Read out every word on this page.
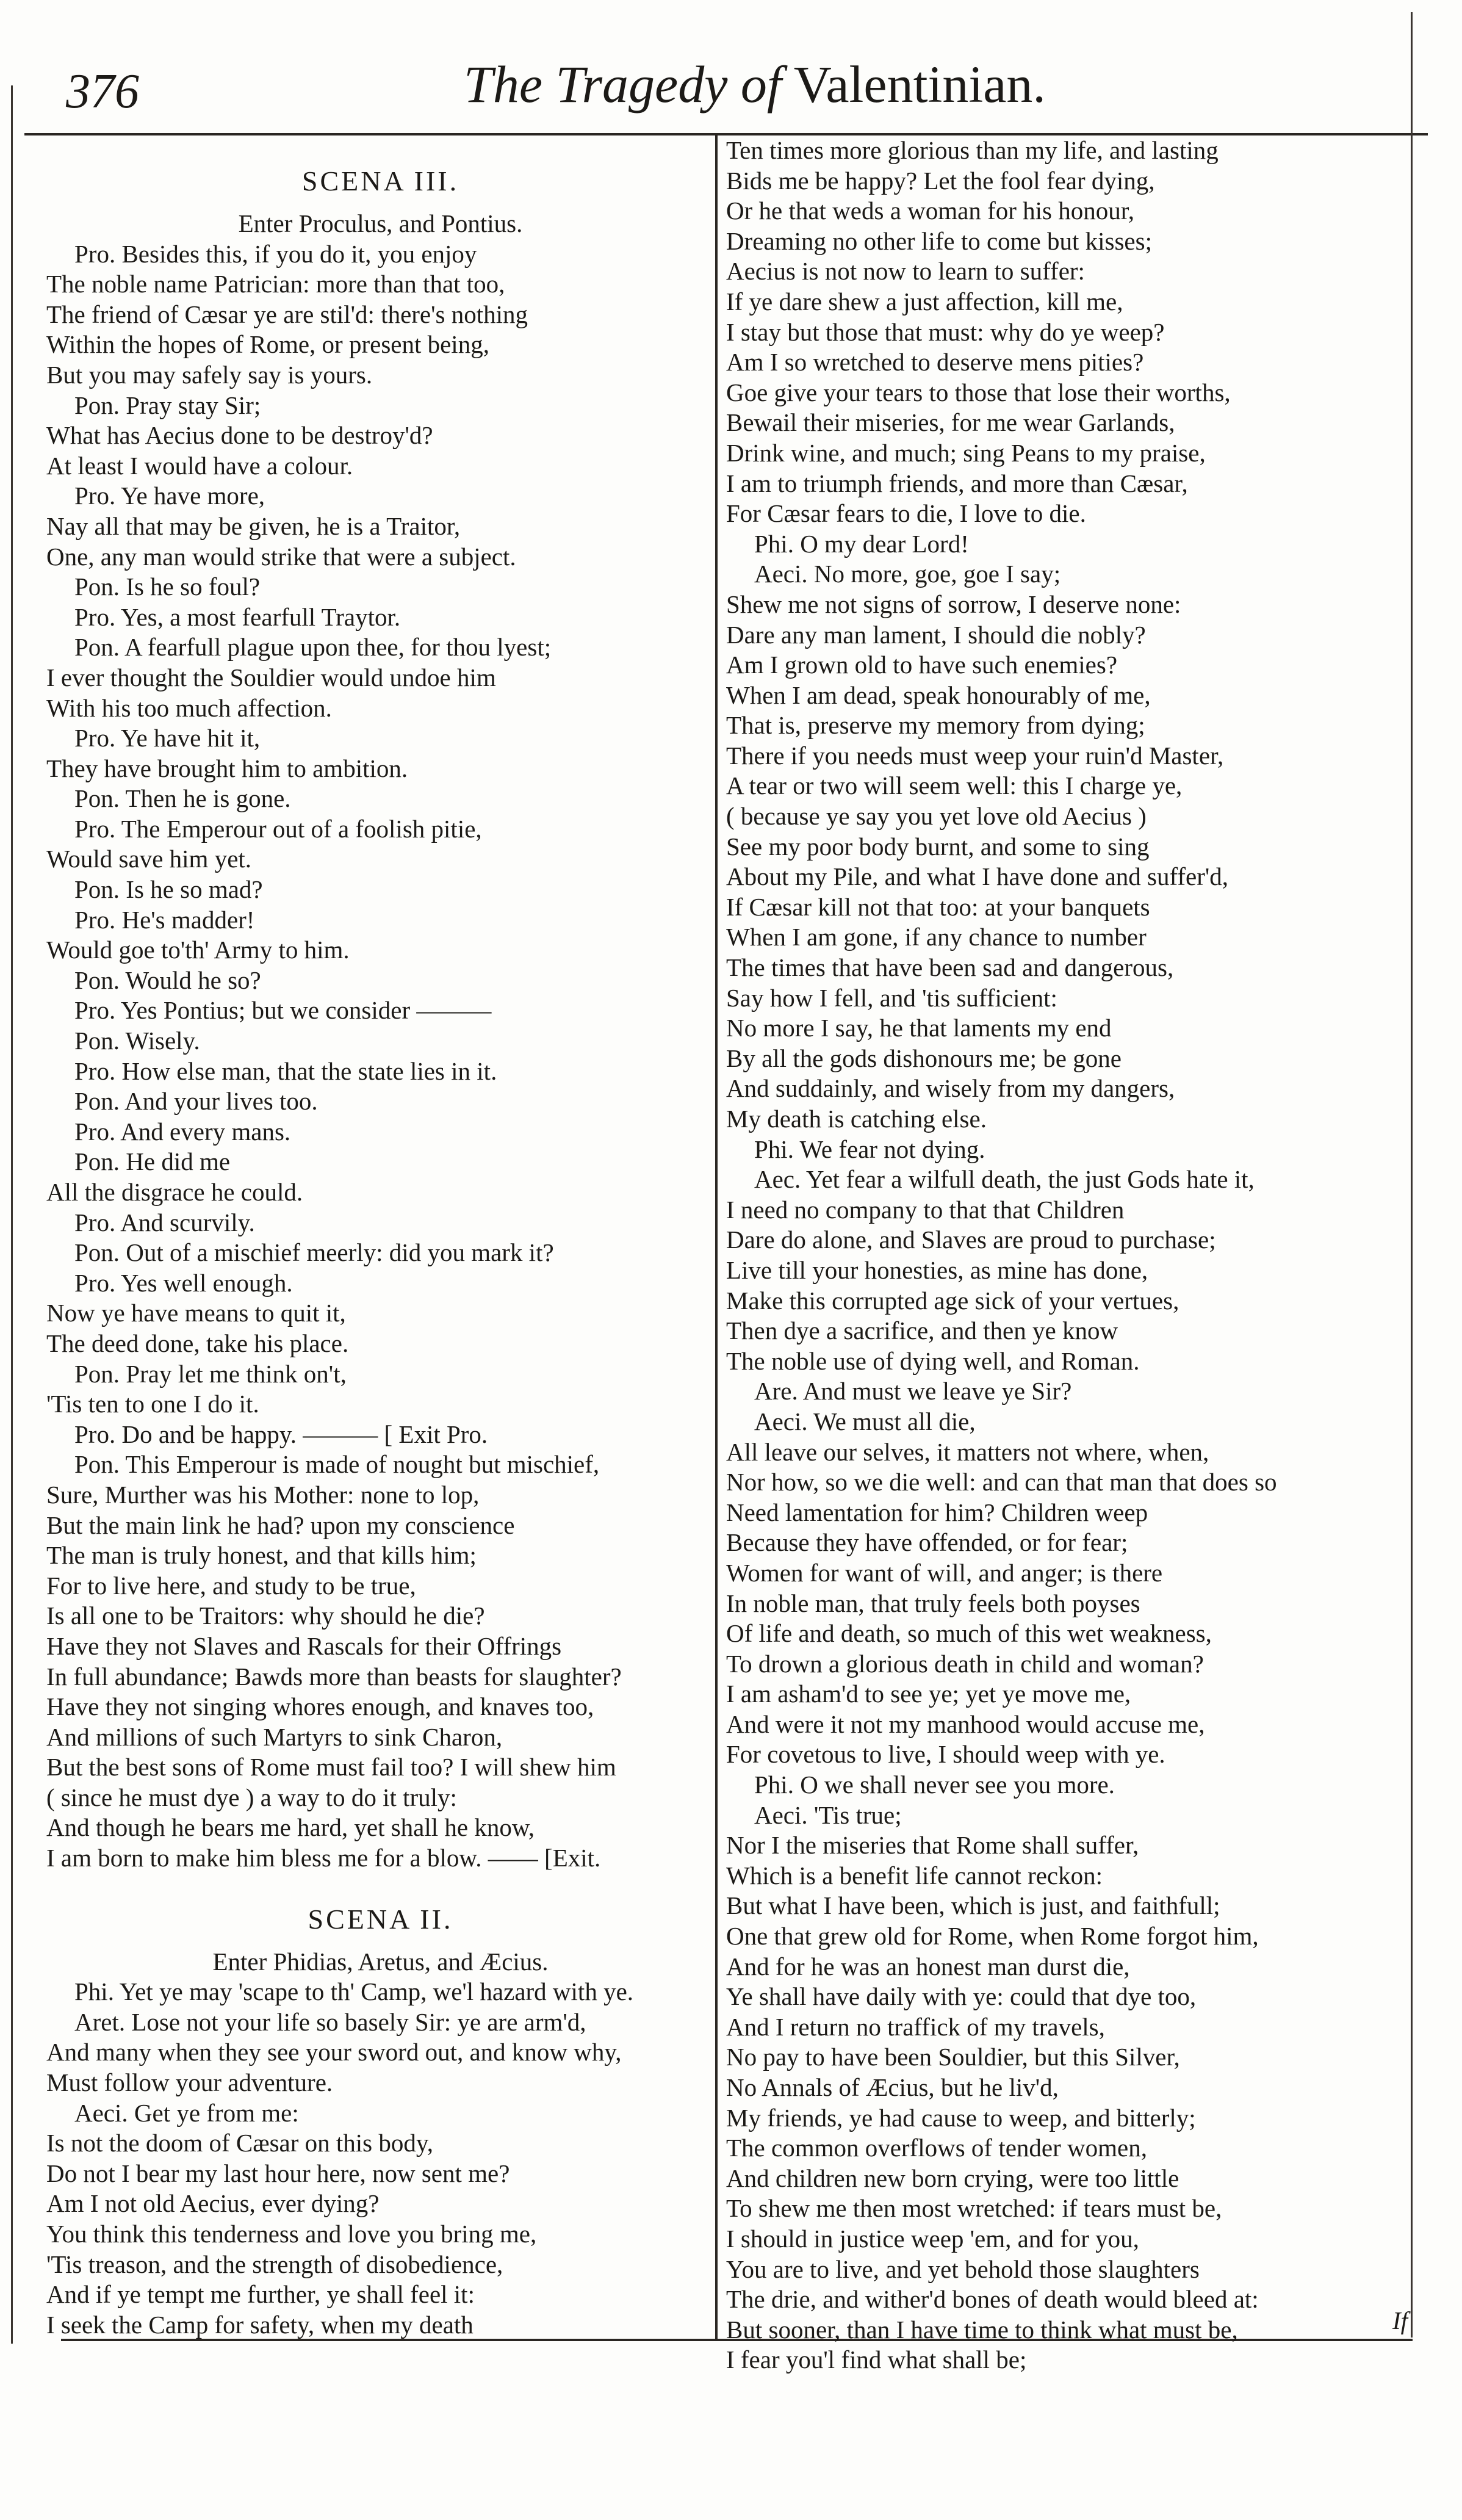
376	The Tragedy of Valentinian.
SCENA III.
Enter Proculus, and Pontius.
Pro. Besides this, if you do it, you enjoy
The noble name Patrician: more than that too,
The friend of Cæsar ye are stil'd: there's nothing
Within the hopes of Rome, or present being,
But you may safely say is yours.
Pon. Pray stay Sir;
What has Aecius done to be destroy'd?
At least I would have a colour.
Pro. Ye have more,
Nay all that may be given, he is a Traitor,
One, any man would strike that were a subject.
Pon. Is he so foul?
Pro. Yes, a most fearfull Traytor.
Pon. A fearfull plague upon thee, for thou lyest;
I ever thought the Souldier would undoe him
With his too much affection.
Pro. Ye have hit it,
They have brought him to ambition.
Pon. Then he is gone.
Pro. The Emperour out of a foolish pitie,
Would save him yet.
Pon. Is he so mad?
Pro. He's madder!
Would goe to'th' Army to him.
Pon. Would he so?
Pro. Yes Pontius; but we consider ———
Pon. Wisely.
Pro. How else man, that the state lies in it.
Pon. And your lives too.
Pro. And every mans.
Pon. He did me
All the disgrace he could.
Pro. And scurvily.
Pon. Out of a mischief meerly: did you mark it?
Pro. Yes well enough.
Now ye have means to quit it,
The deed done, take his place.
Pon. Pray let me think on't,
'Tis ten to one I do it.
Pro. Do and be happy. ——— [ Exit Pro.
Pon. This Emperour is made of nought but mischief,
Sure, Murther was his Mother: none to lop,
But the main link he had? upon my conscience
The man is truly honest, and that kills him;
For to live here, and study to be true,
Is all one to be Traitors: why should he die?
Have they not Slaves and Rascals for their Offrings
In full abundance; Bawds more than beasts for slaughter?
Have they not singing whores enough, and knaves too,
And millions of such Martyrs to sink Charon,
But the best sons of Rome must fail too? I will shew him
( since he must dye ) a way to do it truly:
And though he bears me hard, yet shall he know,
I am born to make him bless me for a blow. —— [Exit.
SCENA II.
Enter Phidias, Aretus, and Æcius.
Phi. Yet ye may 'scape to th' Camp, we'l hazard with ye.
Aret. Lose not your life so basely Sir: ye are arm'd,
And many when they see your sword out, and know why,
Must follow your adventure.
Aeci. Get ye from me:
Is not the doom of Cæsar on this body,
Do not I bear my last hour here, now sent me?
Am I not old Aecius, ever dying?
You think this tenderness and love you bring me,
'Tis treason, and the strength of disobedience,
And if ye tempt me further, ye shall feel it:
I seek the Camp for safety, when my death
Ten times more glorious than my life, and lasting
Bids me be happy? Let the fool fear dying,
Or he that weds a woman for his honour,
Dreaming no other life to come but kisses;
Aecius is not now to learn to suffer:
If ye dare shew a just affection, kill me,
I stay but those that must: why do ye weep?
Am I so wretched to deserve mens pities?
Goe give your tears to those that lose their worths,
Bewail their miseries, for me wear Garlands,
Drink wine, and much; sing Peans to my praise,
I am to triumph friends, and more than Cæsar,
For Cæsar fears to die, I love to die.
Phi. O my dear Lord!
Aeci. No more, goe, goe I say;
Shew me not signs of sorrow, I deserve none:
Dare any man lament, I should die nobly?
Am I grown old to have such enemies?
When I am dead, speak honourably of me,
That is, preserve my memory from dying;
There if you needs must weep your ruin'd Master,
A tear or two will seem well: this I charge ye,
( because ye say you yet love old Aecius )
See my poor body burnt, and some to sing
About my Pile, and what I have done and suffer'd,
If Cæsar kill not that too: at your banquets
When I am gone, if any chance to number
The times that have been sad and dangerous,
Say how I fell, and 'tis sufficient:
No more I say, he that laments my end
By all the gods dishonours me; be gone
And suddainly, and wisely from my dangers,
My death is catching else.
Phi. We fear not dying.
Aec. Yet fear a wilfull death, the just Gods hate it,
I need no company to that that Children
Dare do alone, and Slaves are proud to purchase;
Live till your honesties, as mine has done,
Make this corrupted age sick of your vertues,
Then dye a sacrifice, and then ye know
The noble use of dying well, and Roman.
Are. And must we leave ye Sir?
Aeci. We must all die,
All leave our selves, it matters not where, when,
Nor how, so we die well: and can that man that does so
Need lamentation for him? Children weep
Because they have offended, or for fear;
Women for want of will, and anger; is there
In noble man, that truly feels both poyses
Of life and death, so much of this wet weakness,
To drown a glorious death in child and woman?
I am asham'd to see ye; yet ye move me,
And were it not my manhood would accuse me,
For covetous to live, I should weep with ye.
Phi. O we shall never see you more.
Aeci. 'Tis true;
Nor I the miseries that Rome shall suffer,
Which is a benefit life cannot reckon:
But what I have been, which is just, and faithfull;
One that grew old for Rome, when Rome forgot him,
And for he was an honest man durst die,
Ye shall have daily with ye: could that dye too,
And I return no traffick of my travels,
No pay to have been Souldier, but this Silver,
No Annals of Æcius, but he liv'd,
My friends, ye had cause to weep, and bitterly;
The common overflows of tender women,
And children new born crying, were too little
To shew me then most wretched: if tears must be,
I should in justice weep 'em, and for you,
You are to live, and yet behold those slaughters
The drie, and wither'd bones of death would bleed at:
But sooner, than I have time to think what must be,
I fear you'l find what shall be;
If
